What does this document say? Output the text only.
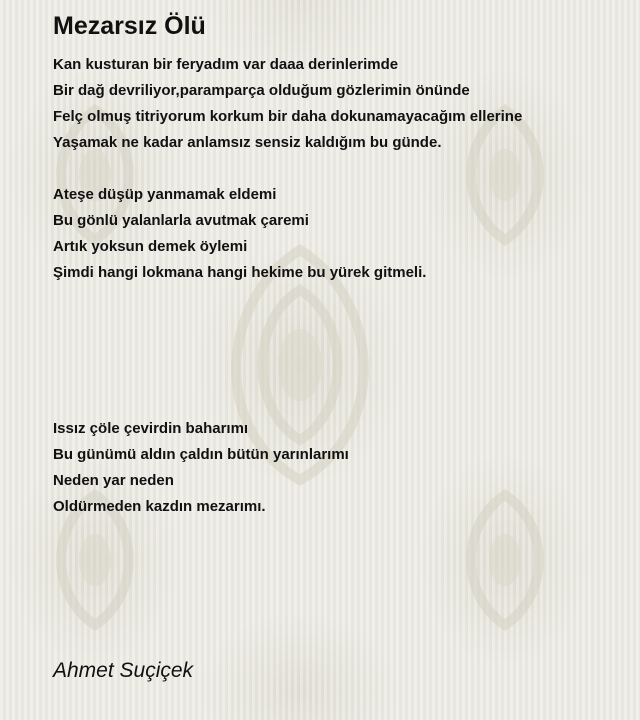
Mezarsız Ölü
Kan kusturan bir feryadım var daaa derinlerimde
Bir dağ devriliyor,paramparça olduğum gözlerimin önünde
Felç olmuş titriyorum korkum bir daha dokunamayacağım ellerine
Yaşamak ne kadar anlamsız sensiz kaldığım bu günde.
Ateşe düşüp yanmamak eldemi
Bu gönlü yalanlarla avutmak çaremi
Artık yoksun demek öylemi
Şimdi hangi lokmana hangi hekime bu yürek gitmeli.
Issız çöle çevirdin baharımı
Bu günümü aldın çaldın bütün yarınlarımı
Neden yar neden
Oldürmeden kazdın mezarımı.
Ahmet Suçiçek
